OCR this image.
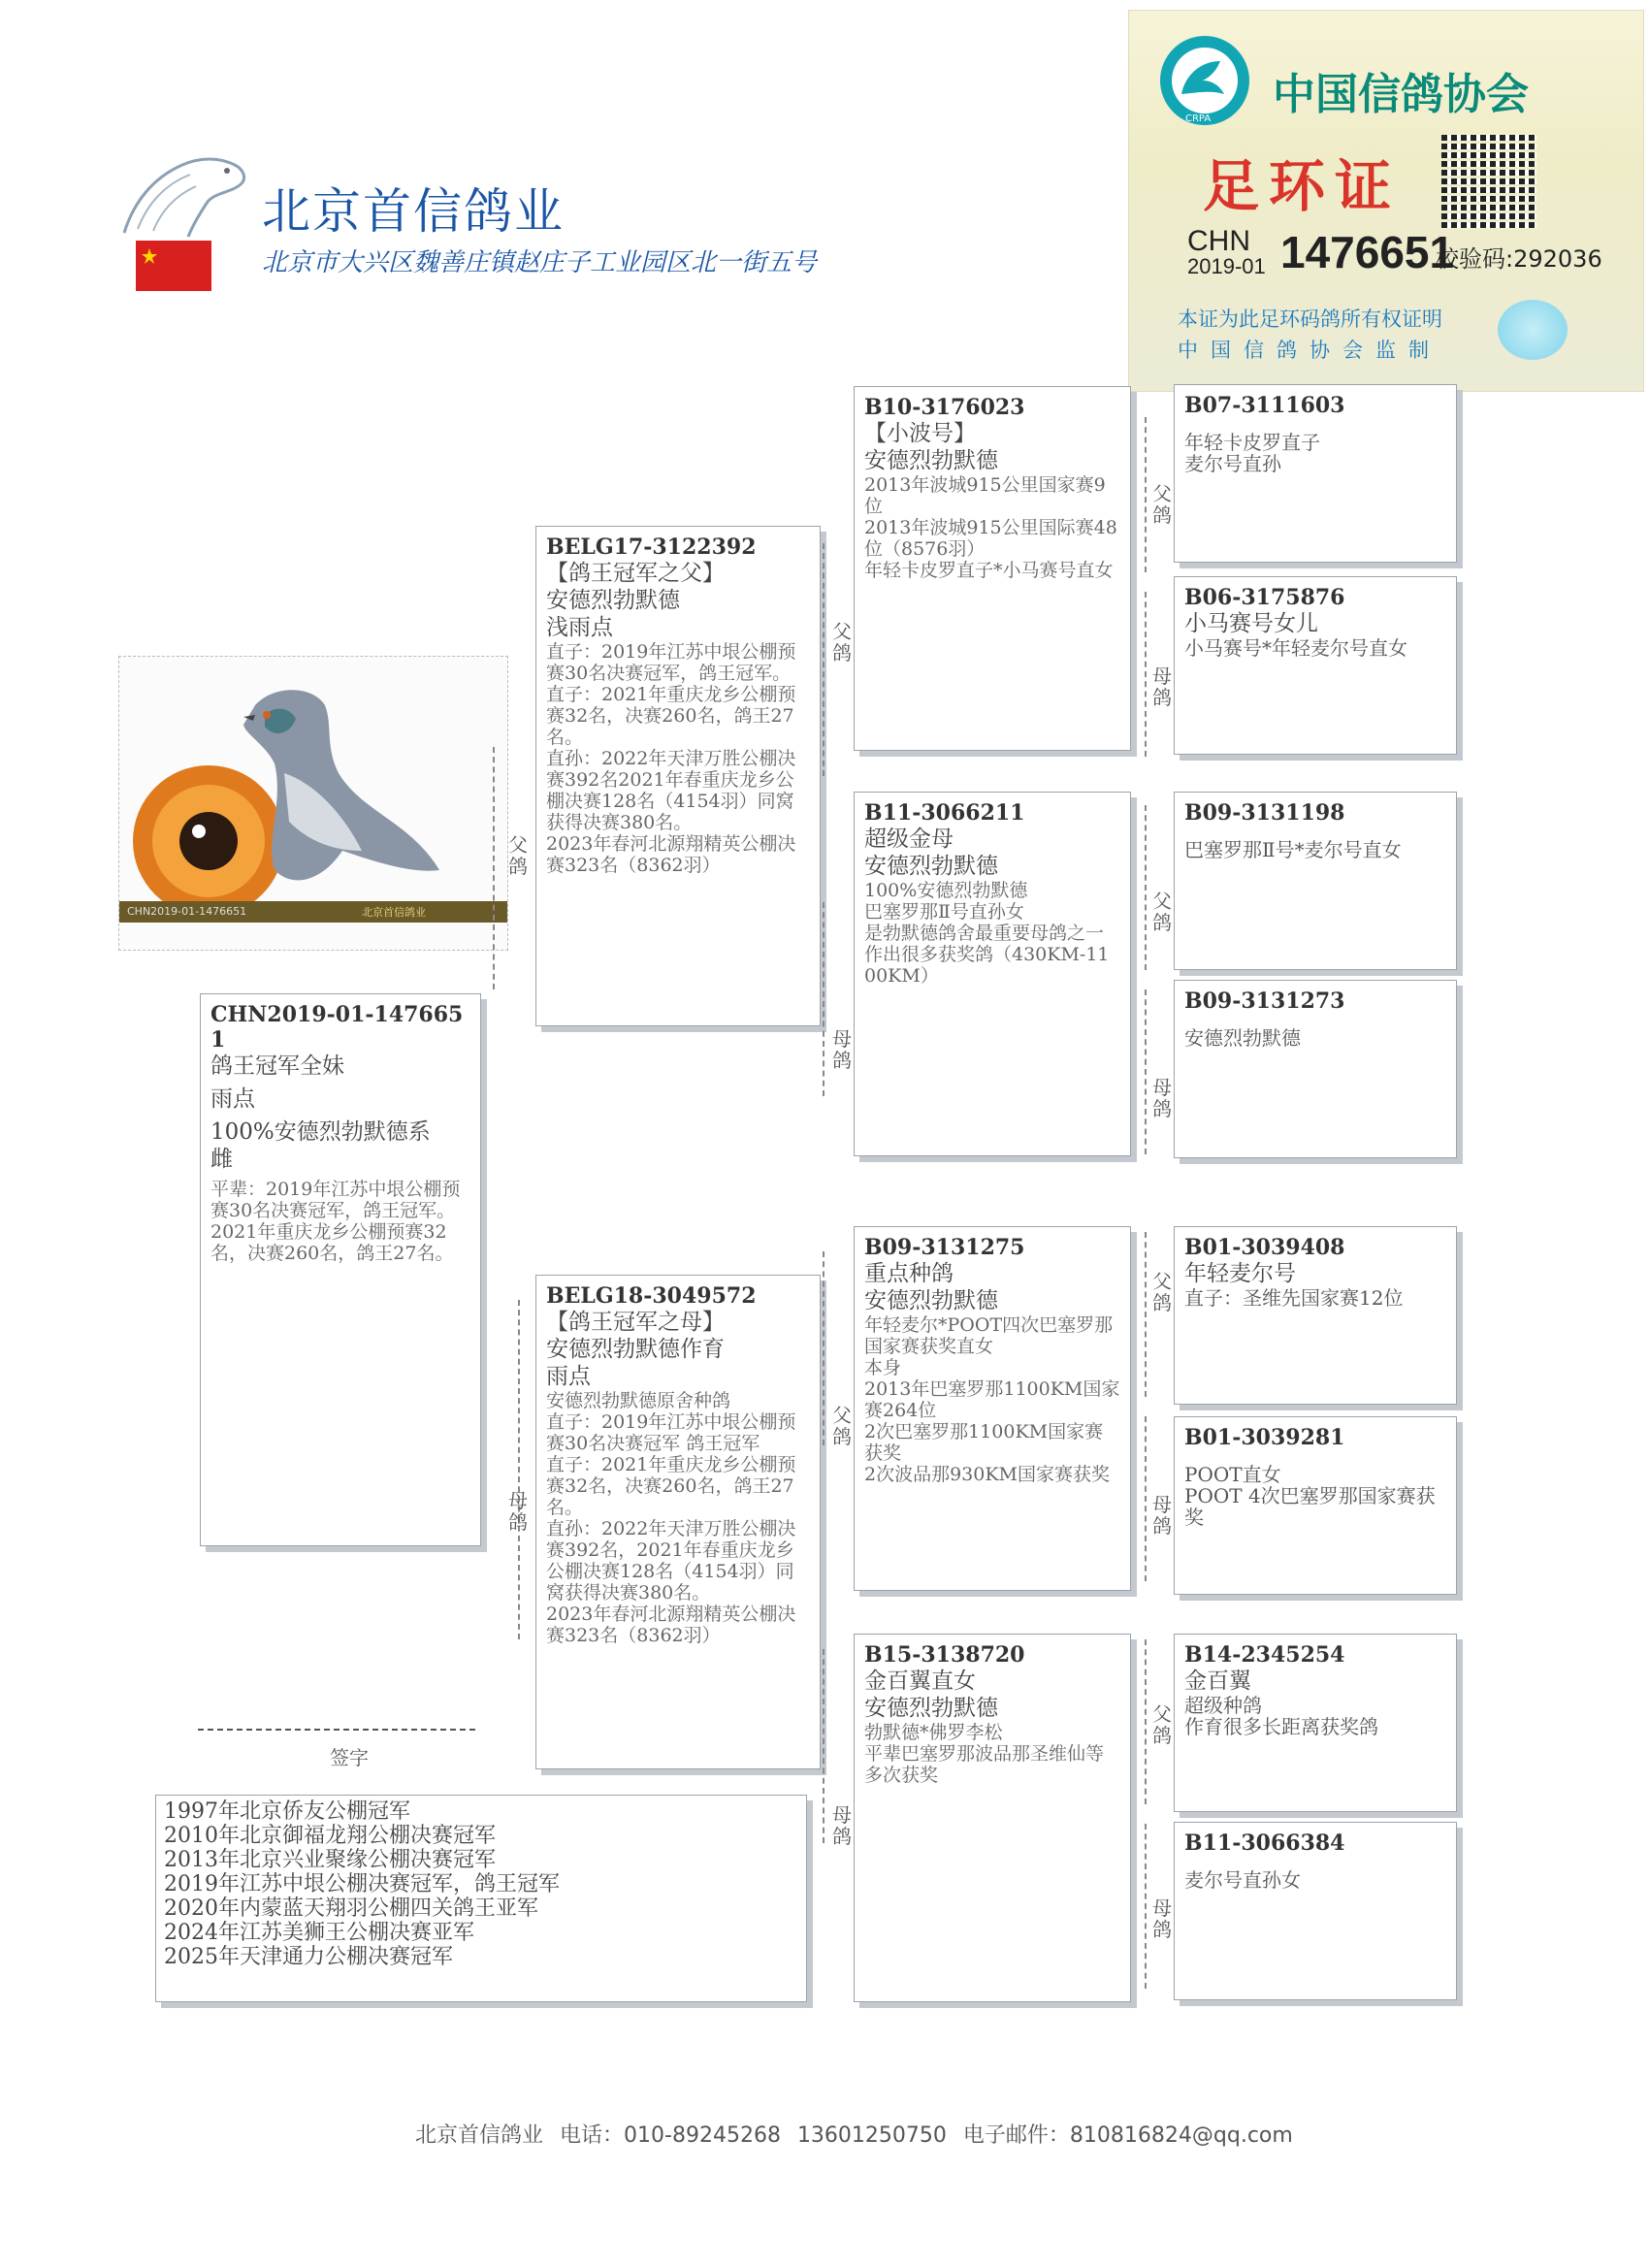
北京首信鸽业
北京市大兴区魏善庄镇赵庄子工业园区北一街五号
CRPA 中国信鸽协会
足环证
CHN
2019-01 1476651
校验码:292036
本证为此足环码鸽所有权证明
中国信鸽协会监制
CHN2019-01-1476651	北京首信鸽业
CHN2019-01-1476651
鸽王冠军全妹
雨点
100%安德烈勃默德系
雌
平辈：2019年江苏中垠公棚预赛30名决赛冠军，鸽王冠军。
2021年重庆龙乡公棚预赛32名，决赛260名，鸽王27名。
签字
1997年北京侨友公棚冠军
2010年北京御福龙翔公棚决赛冠军
2013年北京兴业聚缘公棚决赛冠军
2019年江苏中垠公棚决赛冠军，鸽王冠军
2020年内蒙蓝天翔羽公棚四关鸽王亚军
2024年江苏美狮王公棚决赛亚军
2025年天津通力公棚决赛冠军
父鸽
母鸽
BELG17-3122392
【鸽王冠军之父】
安德烈勃默德
浅雨点
直子：2019年江苏中垠公棚预赛30名决赛冠军，鸽王冠军。
直子：2021年重庆龙乡公棚预赛32名，决赛260名，鸽王27名。
直孙：2022年天津万胜公棚决赛392名2021年春重庆龙乡公棚决赛128名（4154羽）同窝获得决赛380名。
2023年春河北源翔精英公棚决赛323名（8362羽）
BELG18-3049572
【鸽王冠军之母】
安德烈勃默德作育
雨点
安德烈勃默德原舍种鸽
直子：2019年江苏中垠公棚预赛30名决赛冠军 鸽王冠军
直子：2021年重庆龙乡公棚预赛32名，决赛260名，鸽王27名。
直孙：2022年天津万胜公棚决赛392名，2021年春重庆龙乡公棚决赛128名（4154羽）同窝获得决赛380名。
2023年春河北源翔精英公棚决赛323名（8362羽）
父鸽
母鸽
父鸽
母鸽
B10-3176023
【小波号】
安德烈勃默德
2013年波城915公里国家赛9位
2013年波城915公里国际赛48位（8576羽）
年轻卡皮罗直子*小马赛号直女
B11-3066211
超级金母
安德烈勃默德
100%安德烈勃默德
巴塞罗那Ⅱ号直孙女
是勃默德鸽舍最重要母鸽之一
作出很多获奖鸽（430KM-1100KM）
B09-3131275
重点种鸽
安德烈勃默德
年轻麦尔*POOT四次巴塞罗那国家赛获奖直女
本身
2013年巴塞罗那1100KM国家赛264位
2次巴塞罗那1100KM国家赛获奖
2次波品那930KM国家赛获奖
B15-3138720
金百翼直女
安德烈勃默德
勃默德*佛罗李松
平辈巴塞罗那波品那圣维仙等多次获奖
父鸽
母鸽
父鸽
母鸽
父鸽
母鸽
父鸽
母鸽
B07-3111603
年轻卡皮罗直子
麦尔号直孙
B06-3175876
小马赛号女儿
小马赛号*年轻麦尔号直女
B09-3131198
巴塞罗那Ⅱ号*麦尔号直女
B09-3131273
安德烈勃默德
B01-3039408
年轻麦尔号
直子：圣维先国家赛12位
B01-3039281
POOT直女
POOT 4次巴塞罗那国家赛获奖
B14-2345254
金百翼
超级种鸽
作育很多长距离获奖鸽
B11-3066384
麦尔号直孙女
北京首信鸽业 电话：010-89245268 13601250750 电子邮件：810816824@qq.com
